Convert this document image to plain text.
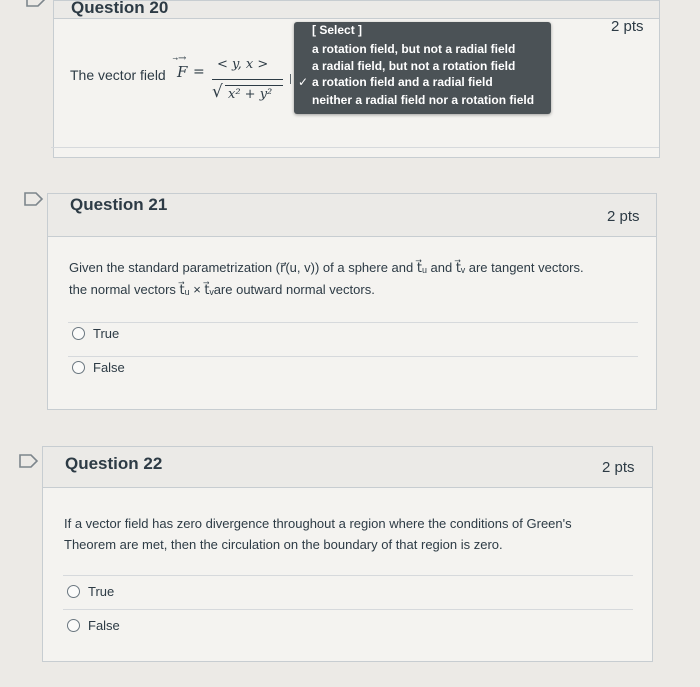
Question 20
2 pts
The vector field
→
F = < y, x >
√ x² + y²
[ Select ]
a rotation field, but not a radial field
a radial field, but not a rotation field
✓ a rotation field and a radial field
neither a radial field nor a rotation field
Question 21
2 pts
Given the standard parametrization (r⃗(u, v)) of a sphere and t⃗ᵤ and t⃗ᵥ are tangent vectors.
the normal vectors t⃗ᵤ × t⃗ᵥare outward normal vectors.
True
False
Question 22	2 pts
If a vector field has zero divergence throughout a region where the conditions of Green's
Theorem are met, then the circulation on the boundary of that region is zero.
True
False
